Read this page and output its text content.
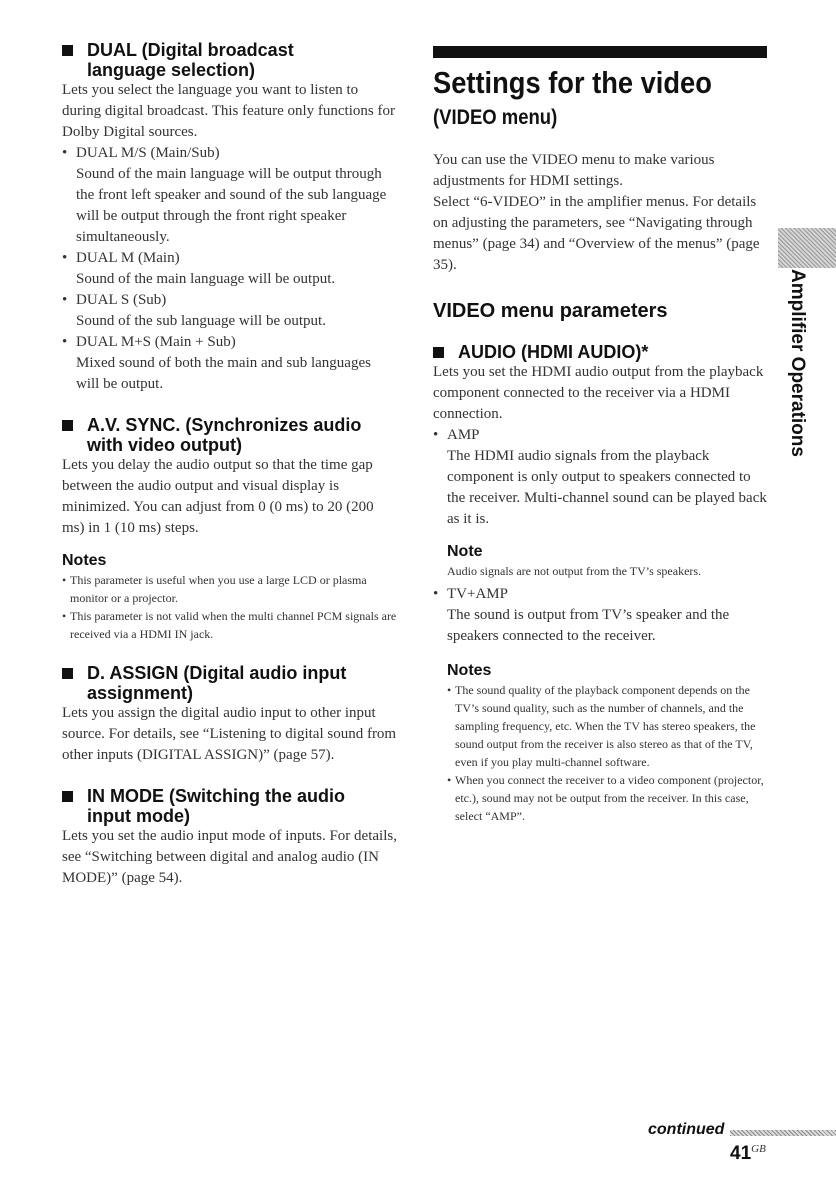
DUAL (Digital broadcast
language selection)

Lets you select the language you want to listen to during digital broadcast. This feature only functions for Dolby Digital sources.

• DUAL M/S (Main/Sub)
Sound of the main language will be output through the front left speaker and sound of the sub language will be output through the front right speaker simultaneously.
• DUAL M (Main)
Sound of the main language will be output.
• DUAL S (Sub)
Sound of the sub language will be output.
• DUAL M+S (Main + Sub)
Mixed sound of both the main and sub languages will be output.
A.V. SYNC. (Synchronizes audio
with video output)

Lets you delay the audio output so that the time gap between the audio output and visual display is minimized. You can adjust from 0 (0 ms) to 20 (200 ms) in 1 (10 ms) steps.

Notes

• This parameter is useful when you use a large LCD or plasma monitor or a projector.
• This parameter is not valid when the multi channel PCM signals are received via a HDMI IN jack.
D. ASSIGN (Digital audio input
assignment)

Lets you assign the digital audio input to other input source. For details, see “Listening to digital sound from other inputs (DIGITAL ASSIGN)” (page 57).

IN MODE (Switching the audio
input mode)

Lets you set the audio input mode of inputs. For details, see “Switching between digital and analog audio (IN MODE)” (page 54).

Settings for the video
(VIDEO menu)

You can use the VIDEO menu to make various adjustments for HDMI settings.

Select “6-VIDEO” in the amplifier menus. For details on adjusting the parameters, see “Navigating through menus” (page 34) and “Overview of the menus” (page 35).

VIDEO menu parameters
AUDIO (HDMI AUDIO)*

Lets you set the HDMI audio output from the playback component connected to the receiver via a HDMI connection.

• AMP
The HDMI audio signals from the playback component is only output to speakers connected to the receiver. Multi-channel sound can be played back as it is.

Note

Audio signals are not output from the TV’s speakers.

• TV+AMP
The sound is output from TV’s speaker and the speakers connected to the receiver.

Notes

• The sound quality of the playback component depends on the TV’s sound quality, such as the number of channels, and the sampling frequency, etc. When the TV has stereo speakers, the sound output from the receiver is also stereo as that of the TV, even if you play multi-channel software.
• When you connect the receiver to a video component (projector, etc.), sound may not be output from the receiver. In this case, select “AMP”.
Amplifier Operations
continued
$41^{GB}$
